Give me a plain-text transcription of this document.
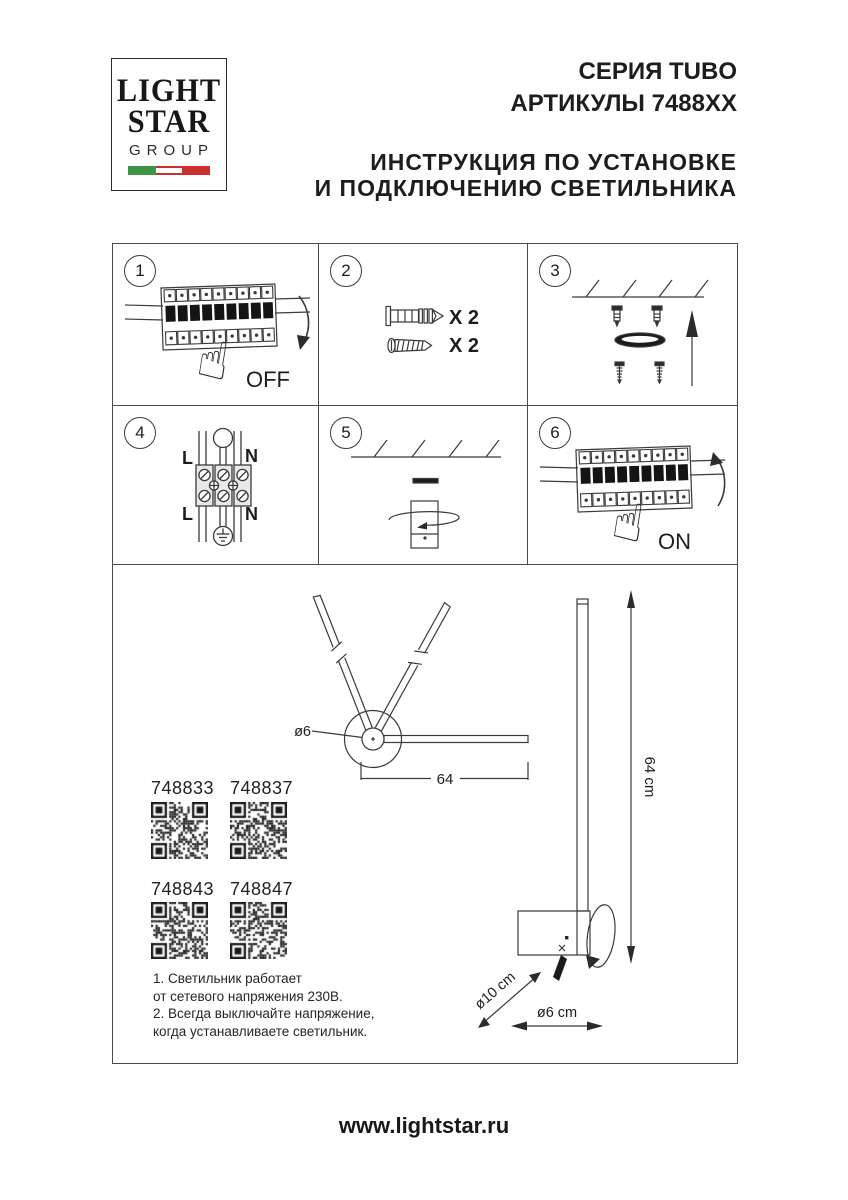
LIGHT
STAR
GROUP
СЕРИЯ TUBO
АРТИКУЛЫ 7488XX
ИНСТРУКЦИЯ ПО УСТАНОВКЕ
И ПОДКЛЮЧЕНИЮ СВЕТИЛЬНИКА
1
☝ OFF
2
X 2
X 2
3
4
L	N
L	N
5	6
☝ ON
ø6
64	64 cm
ø10 cm
ø6 cm
748833 748837
748843 748847
1. Светильник работает
от сетевого напряжения 230В.
2. Всегда выключайте напряжение,
когда устанавливаете светильник.
www.lightstar.ru
